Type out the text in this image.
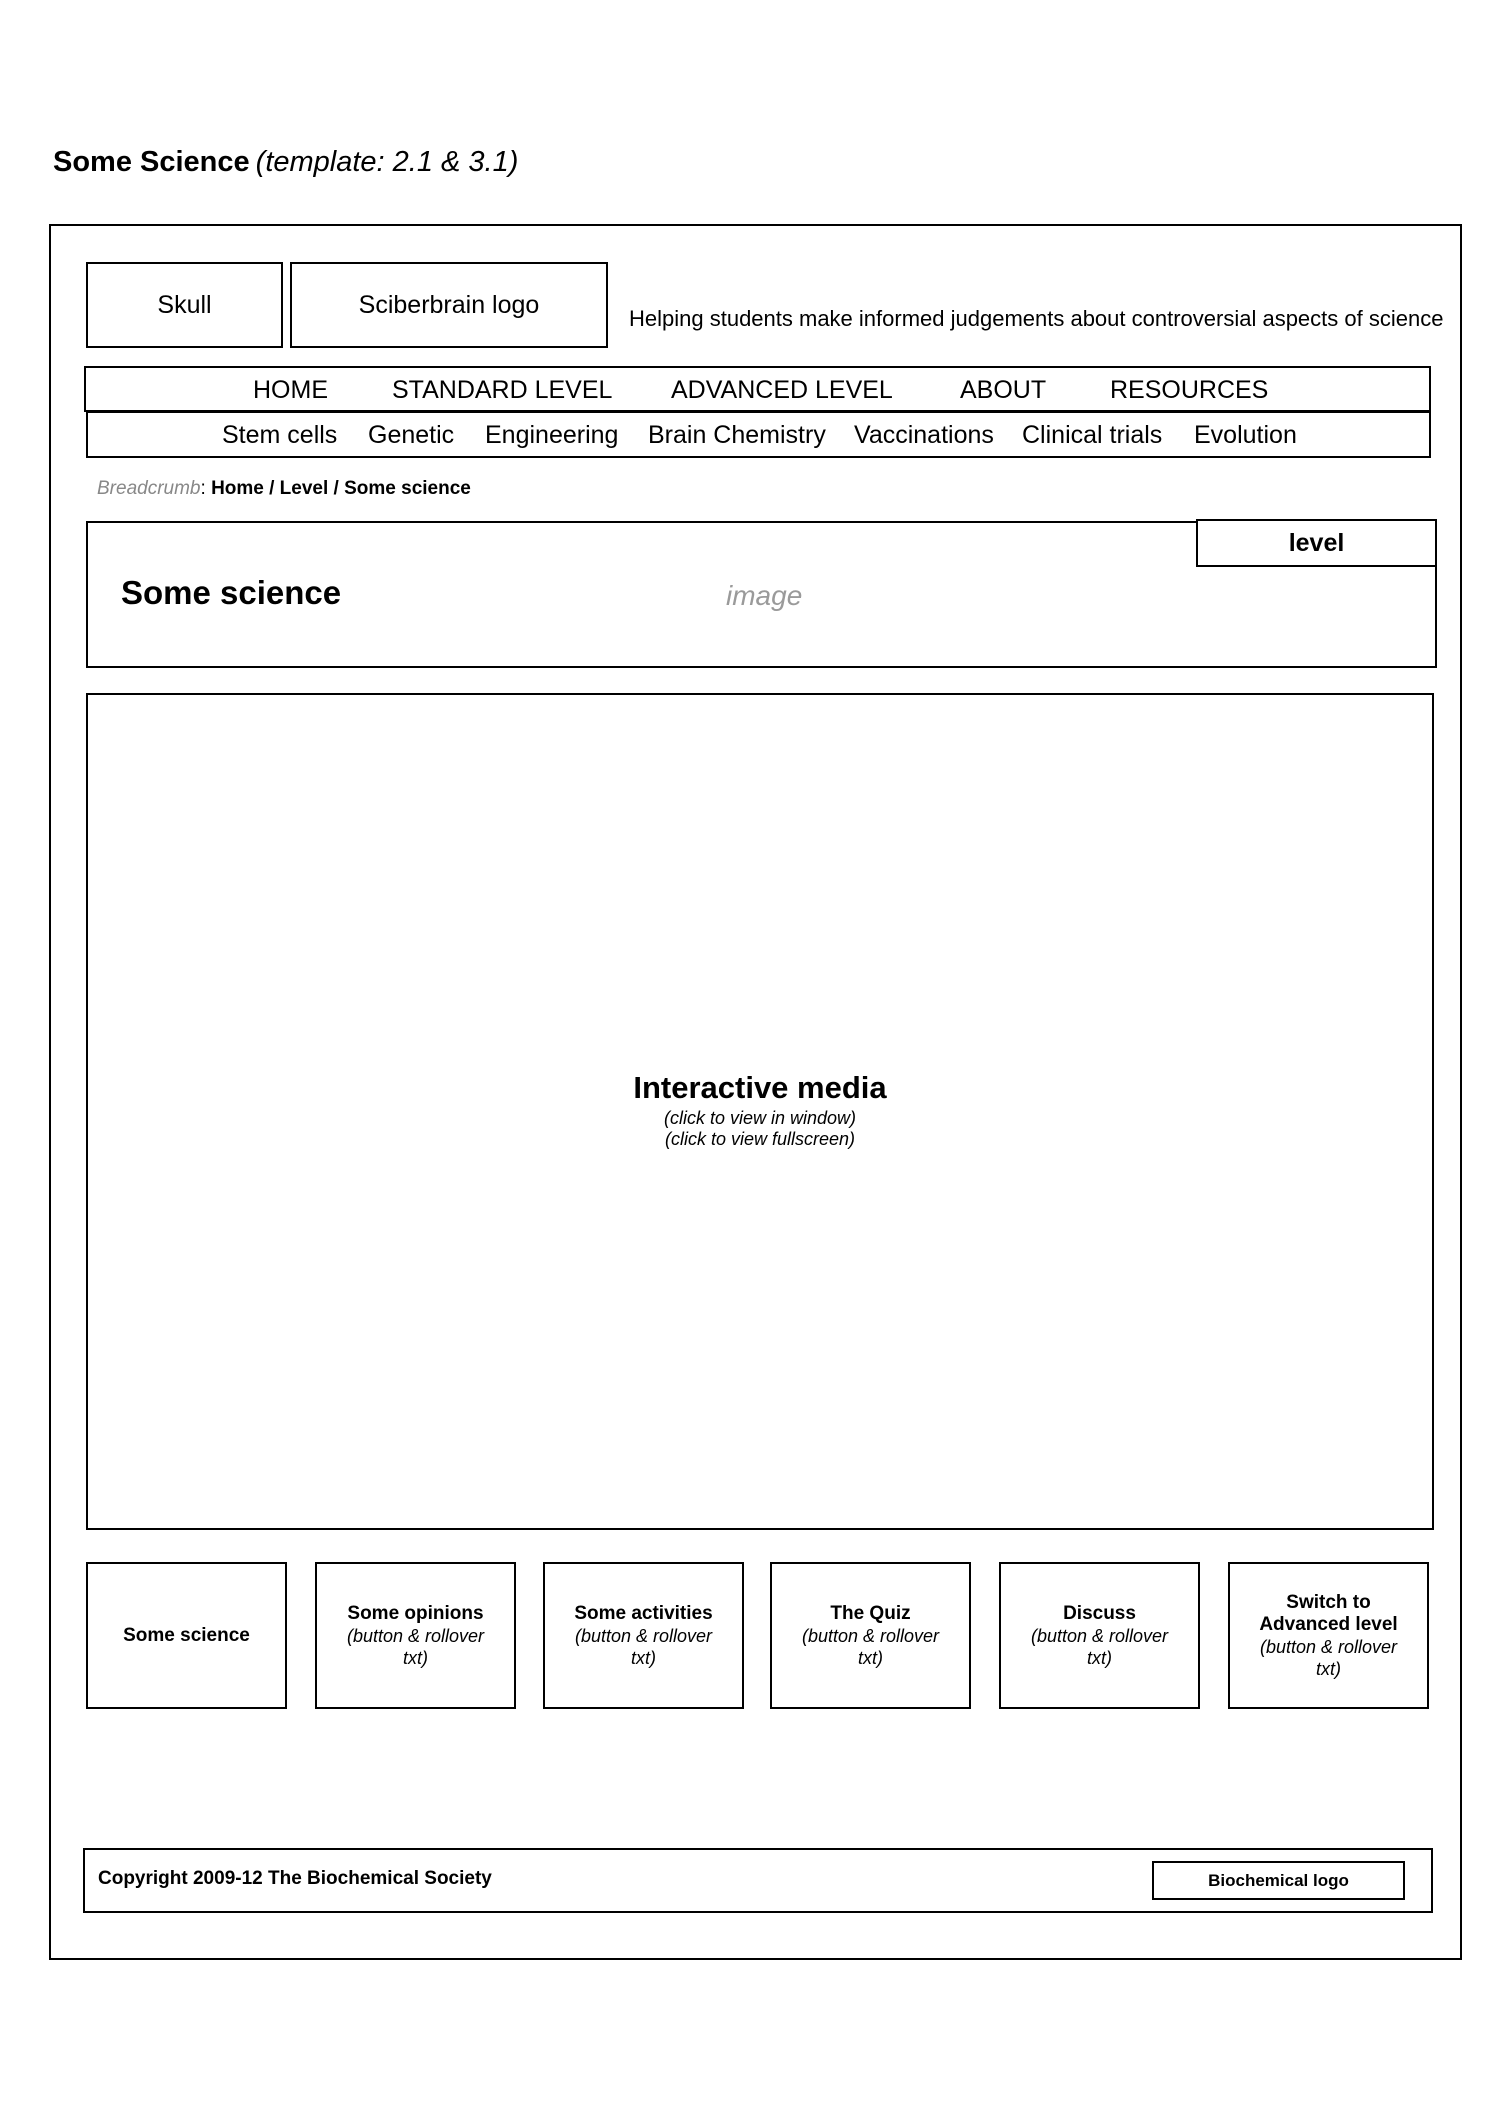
Some Science (template: 2.1 & 3.1)
Skull	Sciberbrain logo	Helping students make informed judgements about controversial aspects of science
HOME	STANDARD LEVEL ADVANCED LEVEL	ABOUT	RESOURCES
Stem cells Genetic Engineering Brain Chemistry Vaccinations Clinical trials Evolution
Breadcrumb: Home / Level / Some science
Some science	image
level
Interactive media
(click to view in window)
(click to view fullscreen)
Some science
Some opinions
(button & rollover txt)
Some activities
(button & rollover txt)
The Quiz
(button & rollover txt)
Discuss
(button & rollover txt)
Switch to Advanced level
(button & rollover txt)
Copyright 2009-12 The Biochemical Society	Biochemical logo
